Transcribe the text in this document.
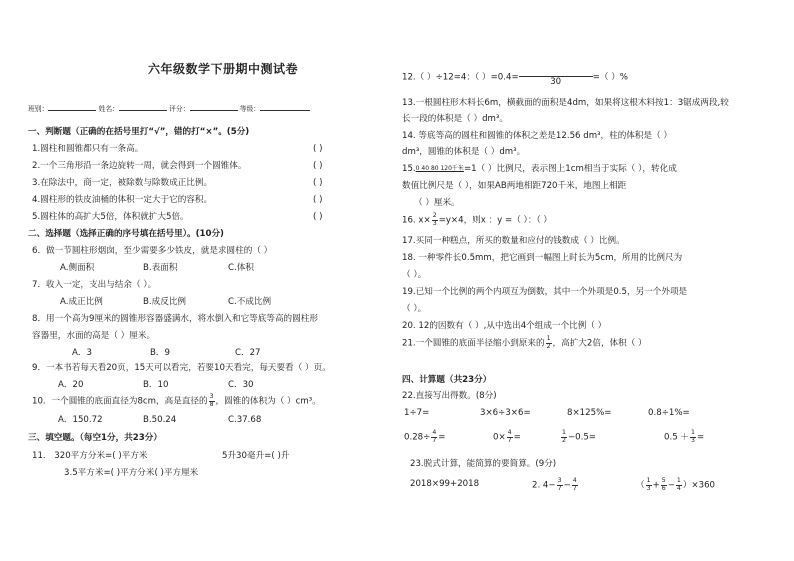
六年级数学下册期中测试卷
班别：	姓名：	评分：	等级：
一、判断题（正确的在括号里打“√”，错的打“×”。(5分)
1.圆柱和圆锥都只有一条高。	( )
2.一个三角形沿一条边旋转一周，就会得到一个圆锥体。	( )
3.在除法中，商一定，被除数与除数成正比例。	( )
4.圆柱形的铁皮油桶的体积一定大于它的容积。	( )
5.圆柱体的高扩大5倍，体积就扩大5倍。	( )
二、选择题（选择正确的序号填在括号里）。(10分)
6．做一节圆柱形烟囱，至少需要多少铁皮，就是求圆柱的（ ）
A.侧面积	B.表面积	C.体积
7．收入一定，支出与结余（ ）。
A.成正比例	B.成反比例	C.不成比例
8．用一个高为9厘米的圆锥形容器盛满水，将水倒入和它等底等高的圆柱形
容器里，水面的高是（ ）厘米。
A．3	B．9	C．27
9．一本书若每天看20页，15天可以看完，若要10天看完，每天要看（ ）页。
A．20	B．10	C．30
10．一个圆锥的底面直径为8cm，高是直径的 $\frac{3}{8}$ ，圆锥的体积为（ ）cm³。
A．150.72	B.50.24	C.37.68
三、填空题。（每空1分，共23分）
11． 320平方分米=( )平方米	5升30毫升=( )升
3.5平方米=( )平方分米( )平方厘米
12.（ ）÷12=4：（ ）=0.4=	30	=（ ）%
13.一根圆柱形木料长6m，横截面的面积是4dm，如果将这根木料按1：3锯成两段,较
长一段的体积是（ ）dm³。
14. 等底等高的圆柱和圆锥的体积之差是12.56 dm³，柱的体积是（ ）
dm³，圆锥的体积是（ ）dm³。
15.$^{0 40 80 120千米}$=1（ ）比例尺，表示图上1cm相当于实际（ ），转化成
数值比例尺是（ ），如果AB两地相距720千米，地图上相距
（ ）厘米。
16. $x\times \frac{2}{3} =y\times 4$，则x ：y =（ ）：（ ）
17.买同一种糕点，所买的数量和应付的钱数成（ ）比例。
18. 一种零件长0.5mm，把它画到一幅图上时长为5cm，所用的比例尺为
（ ）。
19.已知一个比例的两个内项互为倒数，其中一个外项是0.5，另一个外项是
（ ）。
20. 12的因数有（ ）,从中选出4个组成一个比例（ ）
21.一个圆锥的底面半径缩小到原来的 $\frac{1}{2}$ ，高扩大2倍，体积（ ）
四、计算题（共23分）
22.直接写出得数。(8分)
1÷7=	3×6÷3×6=	8×125%=	0.8÷1%=
$0.28\div \frac{4}{7}$ =	$0\times \frac{4}{7}$ =	$\frac{1}{2} -0.5=$	$0.5 + \frac{1}{3}$ =
23.脱式计算，能简算的要简算。(9分)
2018×99+2018	2. $4- \frac{3}{7} - \frac{4}{7}$	（ $\frac{1}{3} + \frac{5}{6} - \frac{1}{4} )\times 360$
